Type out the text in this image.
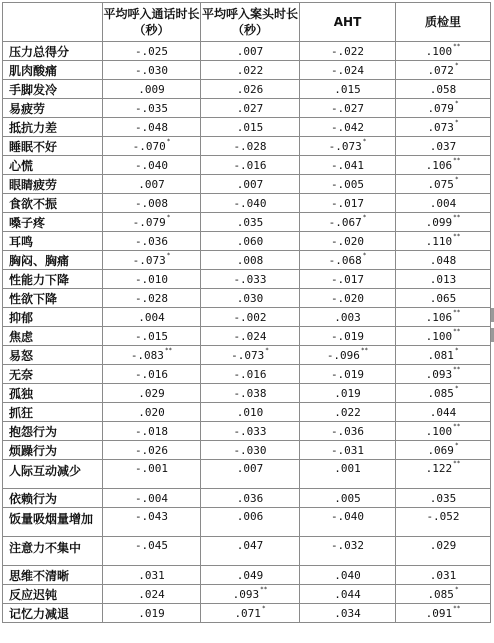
	平均呼入通话时长（秒）	平均呼入案头时长（秒）	AHT	质检里
压力总得分	-.025	.007	-.022	.100**
肌肉酸痛	-.030	.022	-.024	.072*
手脚发冷	.009	.026	.015	.058
易疲劳	-.035	.027	-.027	.079*
抵抗力差	-.048	.015	-.042	.073*
睡眠不好	-.070*	-.028	-.073*	.037
心慌	-.040	-.016	-.041	.106**
眼睛疲劳	.007	.007	-.005	.075*
食欲不振	-.008	-.040	-.017	.004
嗓子疼	-.079*	.035	-.067*	.099**
耳鸣	-.036	.060	-.020	.110**
胸闷、胸痛	-.073*	.008	-.068*	.048
性能力下降	-.010	-.033	-.017	.013
性欲下降	-.028	.030	-.020	.065
抑郁	.004	-.002	.003	.106**
焦虑	-.015	-.024	-.019	.100**
易怒	-.083**	-.073*	-.096**	.081*
无奈	-.016	-.016	-.019	.093**
孤独	.029	-.038	.019	.085*
抓狂	.020	.010	.022	.044
抱怨行为	-.018	-.033	-.036	.100**
烦躁行为	-.026	-.030	-.031	.069*
人际互动减少	-.001	.007	.001	.122**
依赖行为	-.004	.036	.005	.035
饭量吸烟量增加	-.043	.006	-.040	-.052
注意力不集中	-.045	.047	-.032	.029
思维不清晰	.031	.049	.040	.031
反应迟钝	.024	.093**	.044	.085*
记忆力减退	.019	.071*	.034	.091**
